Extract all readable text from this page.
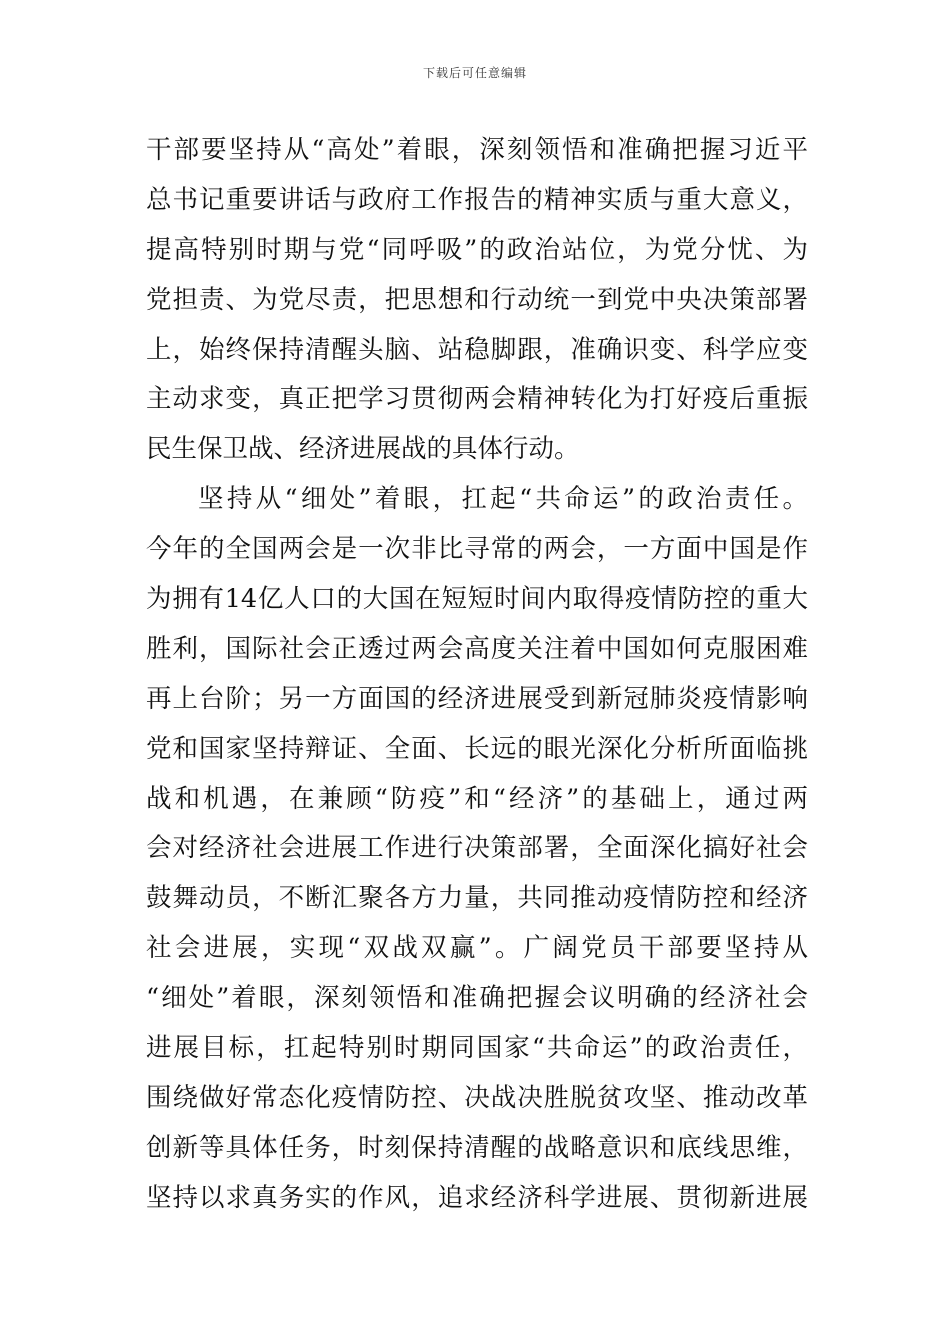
下载后可任意编辑
干部要坚持从“高处”着眼，深刻领悟和准确把握习近平
总书记重要讲话与政府工作报告的精神实质与重大意义，
提高特别时期与党“同呼吸”的政治站位，为党分忧、为
党担责、为党尽责，把思想和行动统一到党中央决策部署
上，始终保持清醒头脑、站稳脚跟，准确识变、科学应变
主动求变，真正把学习贯彻两会精神转化为打好疫后重振
民生保卫战、经济进展战的具体行动。
坚持从“细处”着眼，扛起“共命运”的政治责任。
今年的全国两会是一次非比寻常的两会，一方面中国是作
为拥有14亿人口的大国在短短时间内取得疫情防控的重大
胜利，国际社会正透过两会高度关注着中国如何克服困难
再上台阶；另一方面国的经济进展受到新冠肺炎疫情影响
党和国家坚持辩证、全面、长远的眼光深化分析所面临挑
战和机遇，在兼顾“防疫”和“经济”的基础上，通过两
会对经济社会进展工作进行决策部署，全面深化搞好社会
鼓舞动员，不断汇聚各方力量，共同推动疫情防控和经济
社会进展，实现“双战双赢”。广阔党员干部要坚持从
“细处”着眼，深刻领悟和准确把握会议明确的经济社会
进展目标，扛起特别时期同国家“共命运”的政治责任，
围绕做好常态化疫情防控、决战决胜脱贫攻坚、推动改革
创新等具体任务，时刻保持清醒的战略意识和底线思维，
坚持以求真务实的作风，追求经济科学进展、贯彻新进展
